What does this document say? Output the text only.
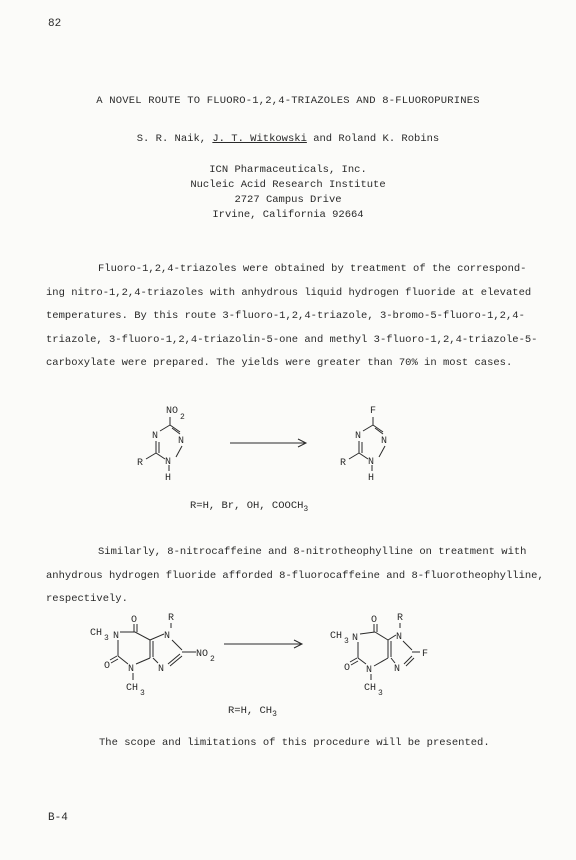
82
A NOVEL ROUTE TO FLUORO-1,2,4-TRIAZOLES AND 8-FLUOROPURINES
S. R. Naik, J. T. Witkowski and Roland K. Robins
ICN Pharmaceuticals, Inc.
Nucleic Acid Research Institute
2727 Campus Drive
Irvine, California 92664
Fluoro-1,2,4-triazoles were obtained by treatment of the correspond-
ing nitro-1,2,4-triazoles with anhydrous liquid hydrogen fluoride at elevated
temperatures. By this route 3-fluoro-1,2,4-triazole, 3-bromo-5-fluoro-1,2,4-
triazole, 3-fluoro-1,2,4-triazolin-5-one and methyl 3-fluoro-1,2,4-triazole-5-
carboxylate were prepared. The yields were greater than 70% in most cases.
NO
2
N N
N
R
H
F
N N
N
R
H
R=H, Br, OH, $COOCH_3$
Similarly, 8-nitrocaffeine and 8-nitrotheophylline on treatment with
anhydrous hydrogen fluoride afforded 8-fluorocaffeine and 8-fluorotheophylline,
respectively.
O	R
CH 3 N	N
O N N
NO 2
CH 3
O R
CH 3 N	N
O N N
F
CH 3
R=H, $CH_3$
The scope and limitations of this procedure will be presented.
B-4
